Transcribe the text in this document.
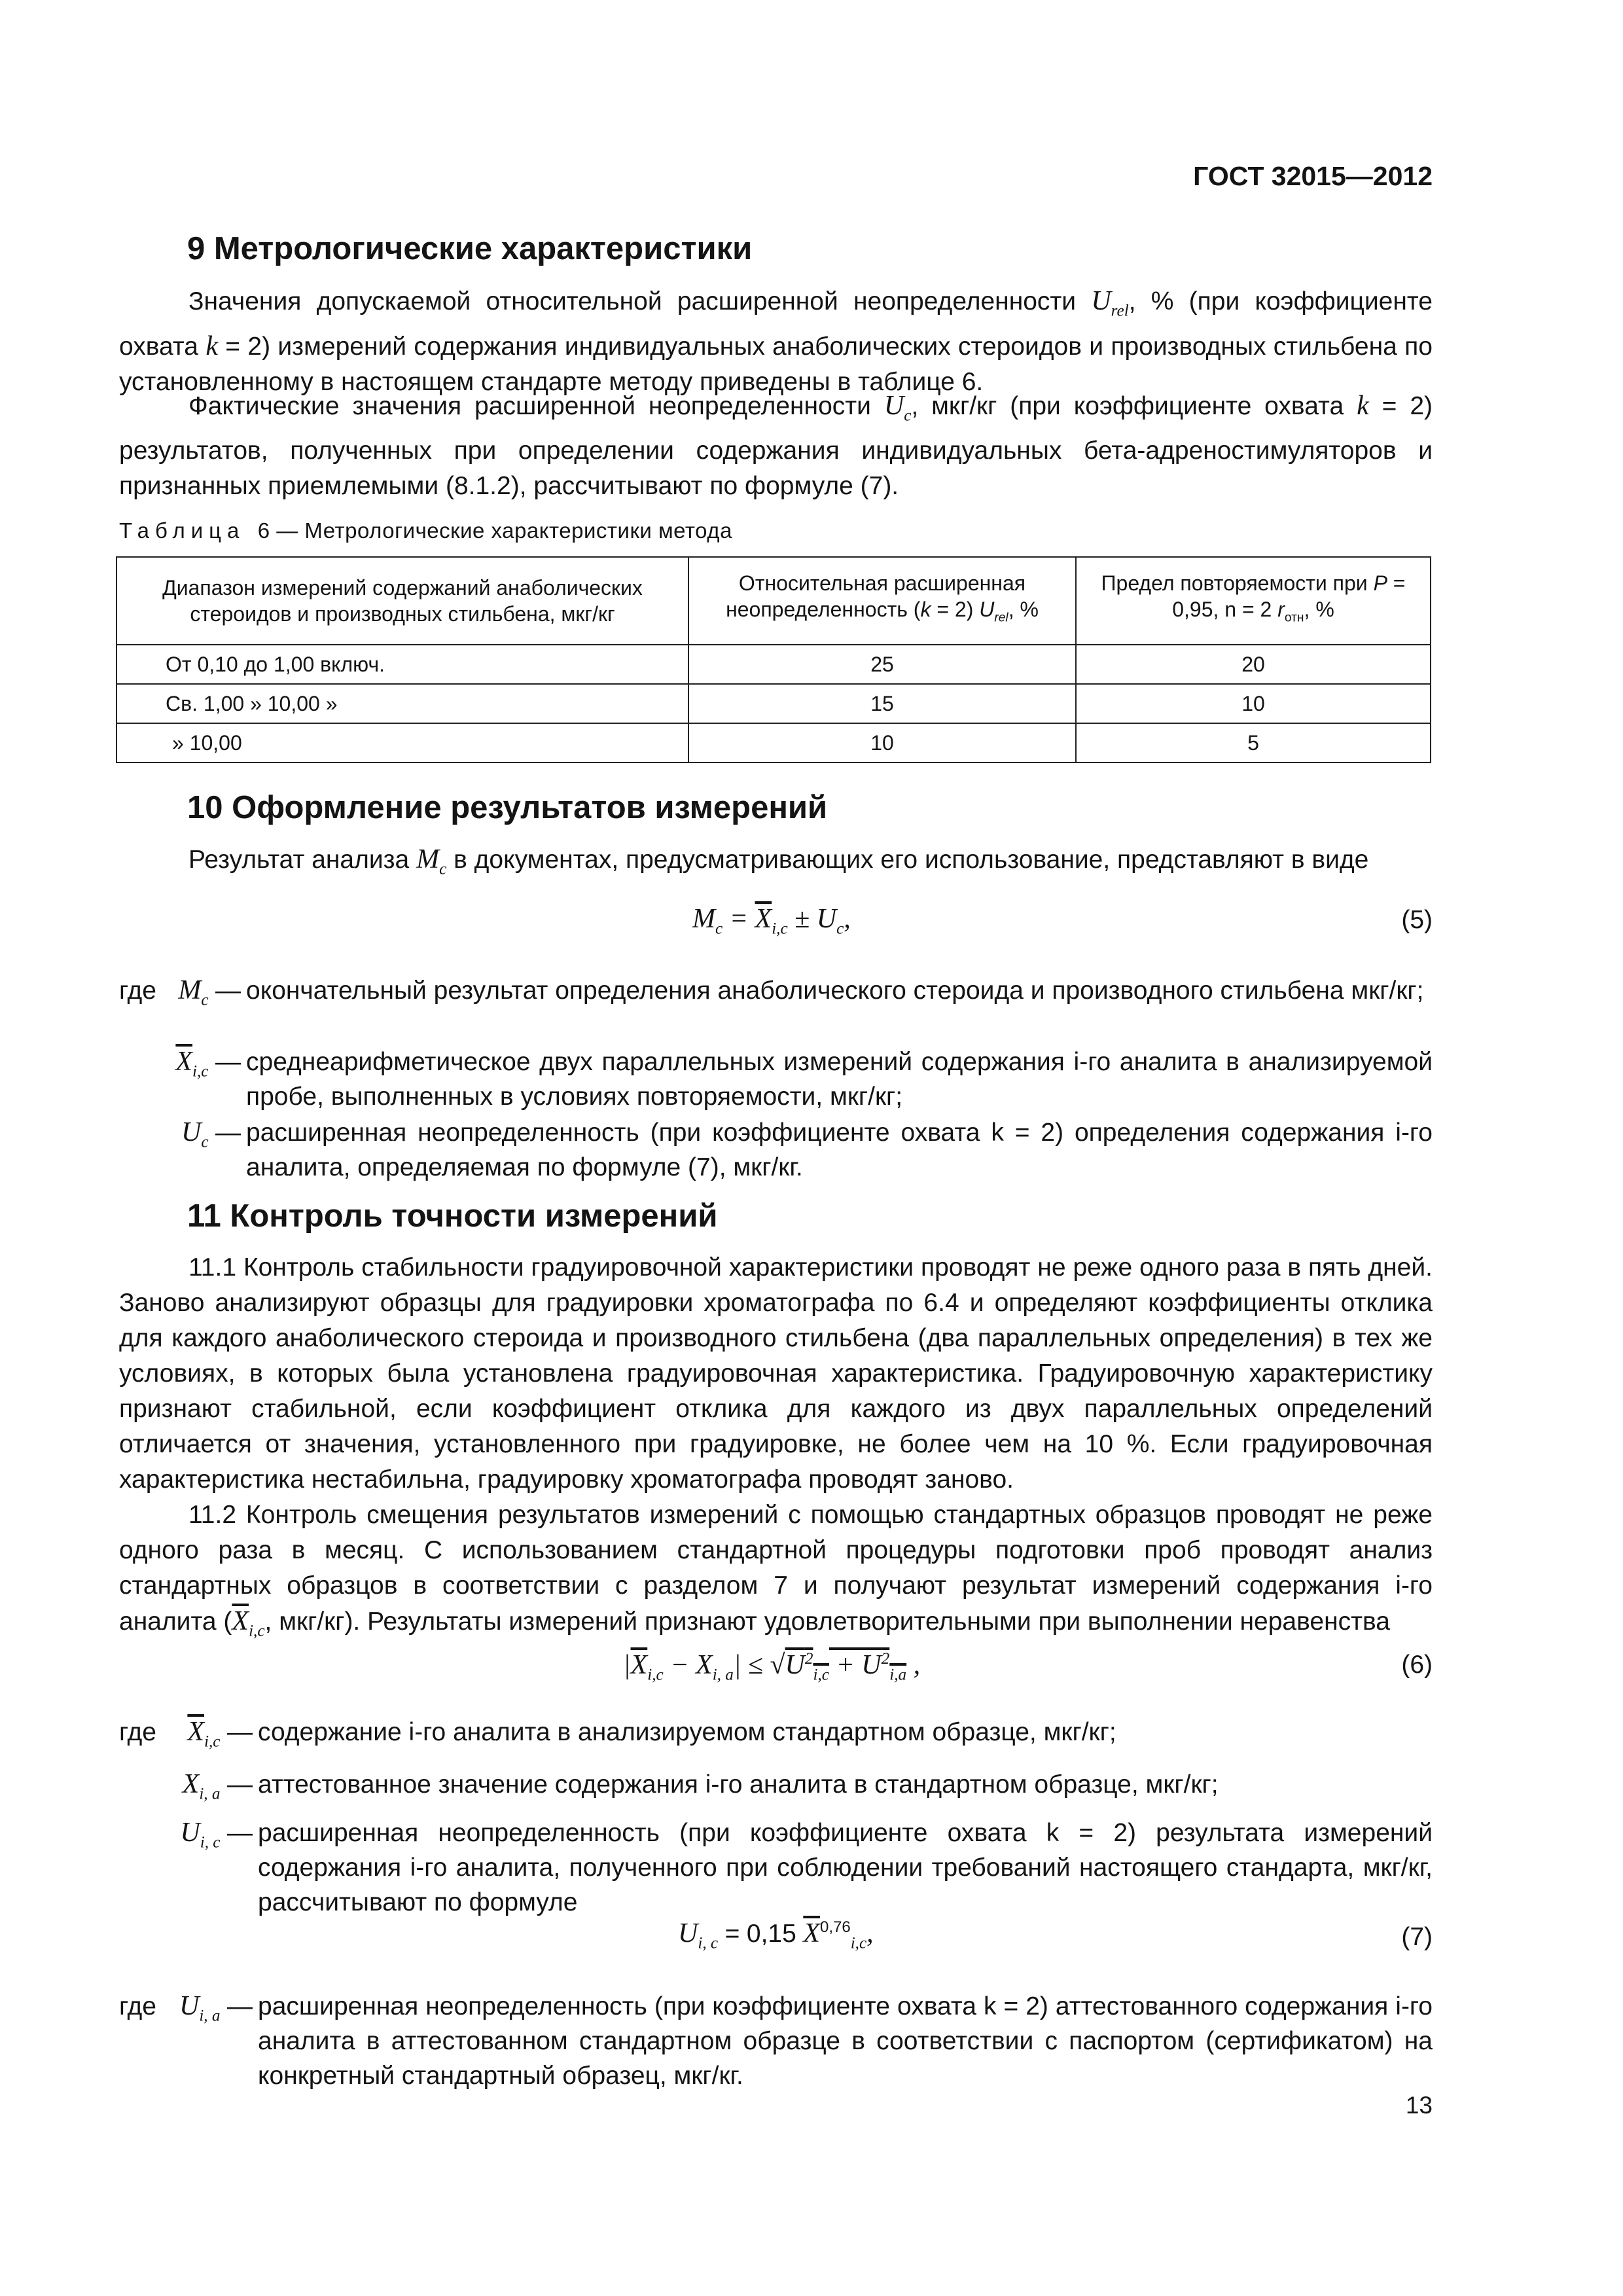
ГОСТ 32015—2012
9 Метрологические характеристики
Значения допускаемой относительной расширенной неопределенности $U_{rel}$, % (при коэффициенте охвата k = 2) измерений содержания индивидуальных анаболических стероидов и производных стильбена по установленному в настоящем стандарте методу приведены в таблице 6.
Фактические значения расширенной неопределенности $U_c$, мкг/кг (при коэффициенте охвата k = 2) результатов, полученных при определении содержания индивидуальных бета-адреностимуляторов и признанных приемлемыми (8.1.2), рассчитывают по формуле (7).
Таблица 6 — Метрологические характеристики метода
Диапазон измерений содержаний анаболических стероидов и производных стильбена, мкг/кг	Относительная расширенная неопределенность (k = 2) $U_{rel}$, %	Предел повторяемости при P = 0,95, n = 2 $r_{отн}$, %
От 0,10 до 1,00 включ.	25	20
Св. 1,00 » 10,00 »	15	10
» 10,00	10	5
10 Оформление результатов измерений
Результат анализа $M_c$ в документах, предусматривающих его использование, представляют в виде
$M_c = \overline{X}_{i,c} \pm U_c$,	(5)
где $M_c$ — окончательный результат определения анаболического стероида и производного стильбена мкг/кг;
$\overline{X}_{i,c}$ — среднеарифметическое двух параллельных измерений содержания i-го аналита в анализируемой пробе, выполненных в условиях повторяемости, мкг/кг;
$U_c$ — расширенная неопределенность (при коэффициенте охвата k = 2) определения содержания i-го аналита, определяемая по формуле (7), мкг/кг.
11 Контроль точности измерений
11.1 Контроль стабильности градуировочной характеристики проводят не реже одного раза в пять дней. Заново анализируют образцы для градуировки хроматографа по 6.4 и определяют коэффициенты отклика для каждого анаболического стероида и производного стильбена (два параллельных определения) в тех же условиях, в которых была установлена градуировочная характеристика. Градуировочную характеристику признают стабильной, если коэффициент отклика для каждого из двух параллельных определений отличается от значения, установленного при градуировке, не более чем на 10 %. Если градуировочная характеристика нестабильна, градуировку хроматографа проводят заново.
11.2 Контроль смещения результатов измерений с помощью стандартных образцов проводят не реже одного раза в месяц. С использованием стандартной процедуры подготовки проб проводят анализ стандартных образцов в соответствии с разделом 7 и получают результат измерений содержания i-го аналита ($\overline{X}_{i,c}$, мкг/кг). Результаты измерений признают удовлетворительными при выполнении неравенства
$|\overline{X}_{i,c} - X_{i, a}| \le √U^2_{i,c} + U^2_{i,a}$ ,	(6)
где $\overline{X}_{i,c}$ — содержание i-го аналита в анализируемом стандартном образце, мкг/кг;
$X_{i, a}$ — аттестованное значение содержания i-го аналита в стандартном образце, мкг/кг;
$U_{i, c}$ — расширенная неопределенность (при коэффициенте охвата k = 2) результата измерений содержания i-го аналита, полученного при соблюдении требований настоящего стандарта, мкг/кг, рассчитывают по формуле
$U_{i, c} = 0,15$ $\overline{X}^{0,76}_{i,c}$,	(7)
где $U_{i, a}$ — расширенная неопределенность (при коэффициенте охвата k = 2) аттестованного содержания i-го аналита в аттестованном стандартном образце в соответствии с паспортом (сертификатом) на конкретный стандартный образец, мкг/кг.
13
